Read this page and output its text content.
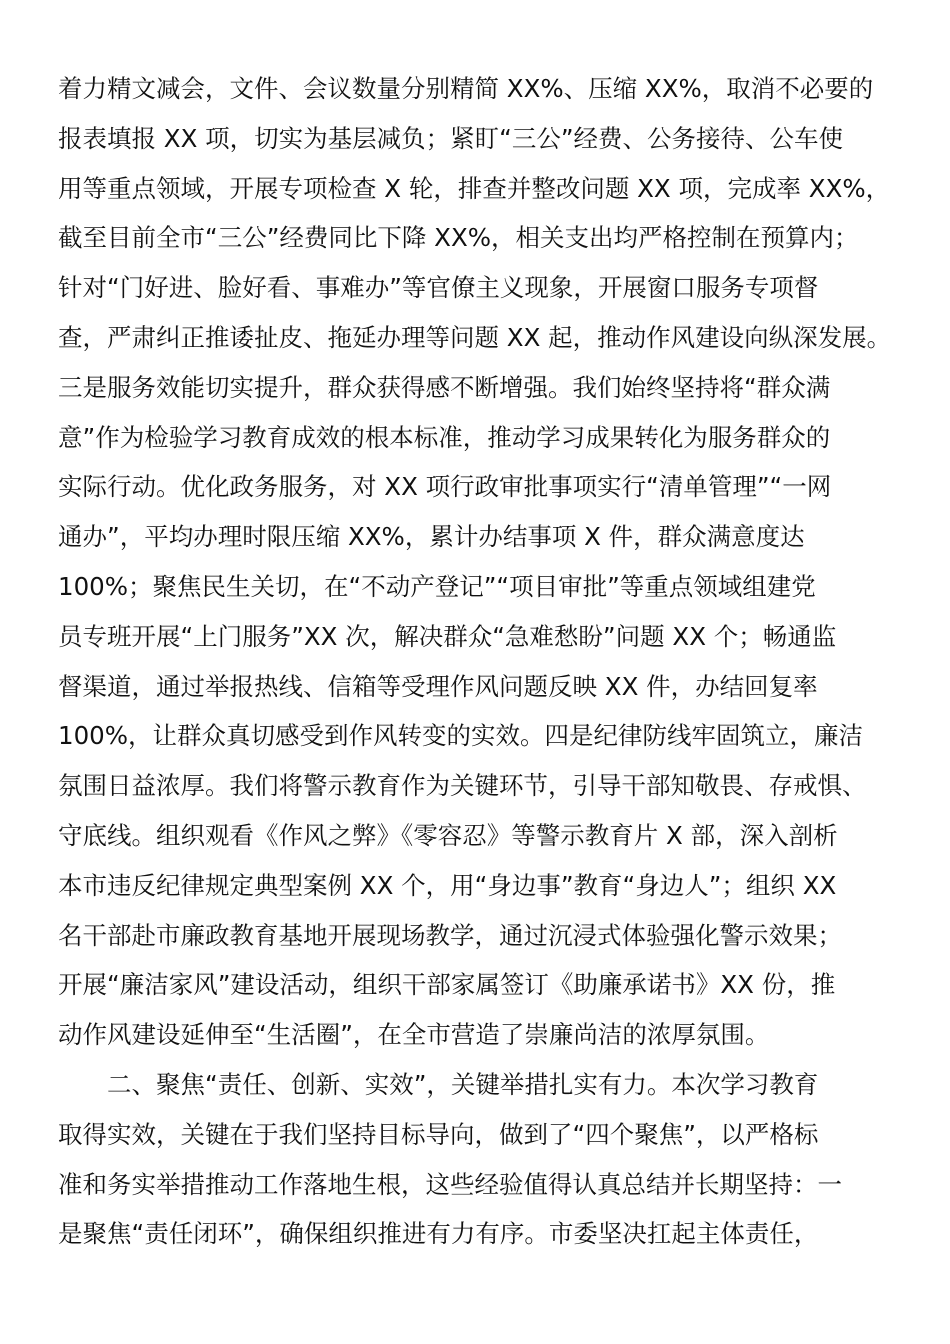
着力精文减会，文件、会议数量分别精简 XX%、压缩 XX%，取消不必要的
报表填报 XX 项，切实为基层减负；紧盯“三公”经费、公务接待、公车使
用等重点领域，开展专项检查 X 轮，排查并整改问题 XX 项，完成率 XX%，
截至目前全市“三公”经费同比下降 XX%，相关支出均严格控制在预算内；
针对“门好进、脸好看、事难办”等官僚主义现象，开展窗口服务专项督
查，严肃纠正推诿扯皮、拖延办理等问题 XX 起，推动作风建设向纵深发展。
三是服务效能切实提升，群众获得感不断增强。我们始终坚持将“群众满
意”作为检验学习教育成效的根本标准，推动学习成果转化为服务群众的
实际行动。优化政务服务，对 XX 项行政审批事项实行“清单管理”“一网
通办”，平均办理时限压缩 XX%，累计办结事项 X 件，群众满意度达
100%；聚焦民生关切，在“不动产登记”“项目审批”等重点领域组建党
员专班开展“上门服务”XX 次，解决群众“急难愁盼”问题 XX 个；畅通监
督渠道，通过举报热线、信箱等受理作风问题反映 XX 件，办结回复率
100%，让群众真切感受到作风转变的实效。四是纪律防线牢固筑立，廉洁
氛围日益浓厚。我们将警示教育作为关键环节，引导干部知敬畏、存戒惧、
守底线。组织观看《作风之弊》《零容忍》等警示教育片 X 部，深入剖析
本市违反纪律规定典型案例 XX 个，用“身边事”教育“身边人”；组织 XX
名干部赴市廉政教育基地开展现场教学，通过沉浸式体验强化警示效果；
开展“廉洁家风”建设活动，组织干部家属签订《助廉承诺书》XX 份，推
动作风建设延伸至“生活圈”，在全市营造了崇廉尚洁的浓厚氛围。
二、聚焦“责任、创新、实效”，关键举措扎实有力。本次学习教育
取得实效，关键在于我们坚持目标导向，做到了“四个聚焦”，以严格标
准和务实举措推动工作落地生根，这些经验值得认真总结并长期坚持：一
是聚焦“责任闭环”，确保组织推进有力有序。市委坚决扛起主体责任，
